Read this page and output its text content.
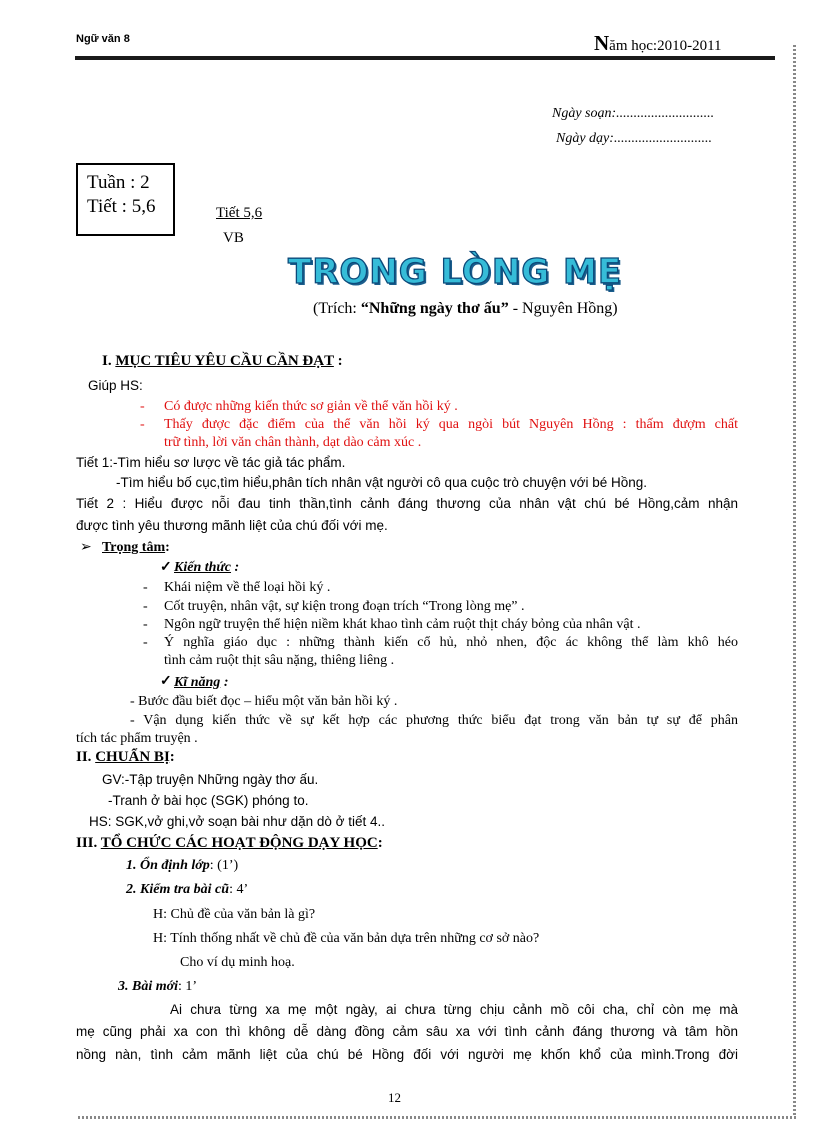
Ngữ văn 8	Năm học:2010-2011
Ngày soạn:............................
Ngày dạy:............................
Tuần : 2
Tiết : 5,6	Tiết 5,6
VB
TRONG LÒNG MẸ
(Trích: “Những ngày thơ ấu” - Nguyên Hồng)
I. MỤC TIÊU YÊU CẦU CẦN ĐẠT :
Giúp HS:
- Có được những kiến thức sơ giản về thể văn hồi ký .
- Thấy được đặc điểm của thể văn hồi ký qua ngòi bút Nguyên Hồng : thấm đượm chất
trữ tình, lời văn chân thành, dạt dào cảm xúc .
Tiết 1:-Tìm hiểu sơ lược về tác giả tác phẩm.
-Tìm hiểu bố cục,tìm hiểu,phân tích nhân vật người cô qua cuộc trò chuyện với bé Hồng.
Tiết 2 : Hiểu được nỗi đau tinh thần,tình cảnh đáng thương của nhân vật chú bé Hồng,cảm nhận
được tình yêu thương mãnh liệt của chú đối với mẹ.
➢ Trọng tâm:
✓ Kiến thức :
- Khái niệm về thể loại hồi ký .
- Cốt truyện, nhân vật, sự kiện trong đoạn trích “Trong lòng mẹ” .
- Ngôn ngữ truyện thể hiện niềm khát khao tình cảm ruột thịt cháy bỏng của nhân vật .
- Ý nghĩa giáo dục : những thành kiến cổ hủ, nhỏ nhen, độc ác không thể làm khô héo
tình cảm ruột thịt sâu nặng, thiêng liêng .
✓ Kĩ năng :
- Bước đầu biết đọc – hiểu một văn bản hồi ký .
- Vận dụng kiến thức về sự kết hợp các phương thức biểu đạt trong văn bản tự sự để phân
tích tác phẩm truyện .
II. CHUẨN BỊ:
GV:-Tập truyện Những ngày thơ ấu.
-Tranh ở bài học (SGK) phóng to.
HS: SGK,vở ghi,vở soạn bài như dặn dò ở tiết 4..
III. TỔ CHỨC CÁC HOẠT ĐỘNG DẠY HỌC:
1. Ổn định lớp: (1’)
2. Kiểm tra bài cũ: 4’
H: Chủ đề của văn bản là gì?
H: Tính thống nhất về chủ đề của văn bản dựa trên những cơ sở nào?
Cho ví dụ minh hoạ.
3. Bài mới: 1’
Ai chưa từng xa mẹ một ngày, ai chưa từng chịu cảnh mồ côi cha, chỉ còn mẹ mà
mẹ cũng phải xa con thì không dễ dàng đồng cảm sâu xa với tình cảnh đáng thương và tâm hồn
nồng nàn, tình cảm mãnh liệt của chú bé Hồng đối với người mẹ khốn khổ của mình.Trong đời
12
